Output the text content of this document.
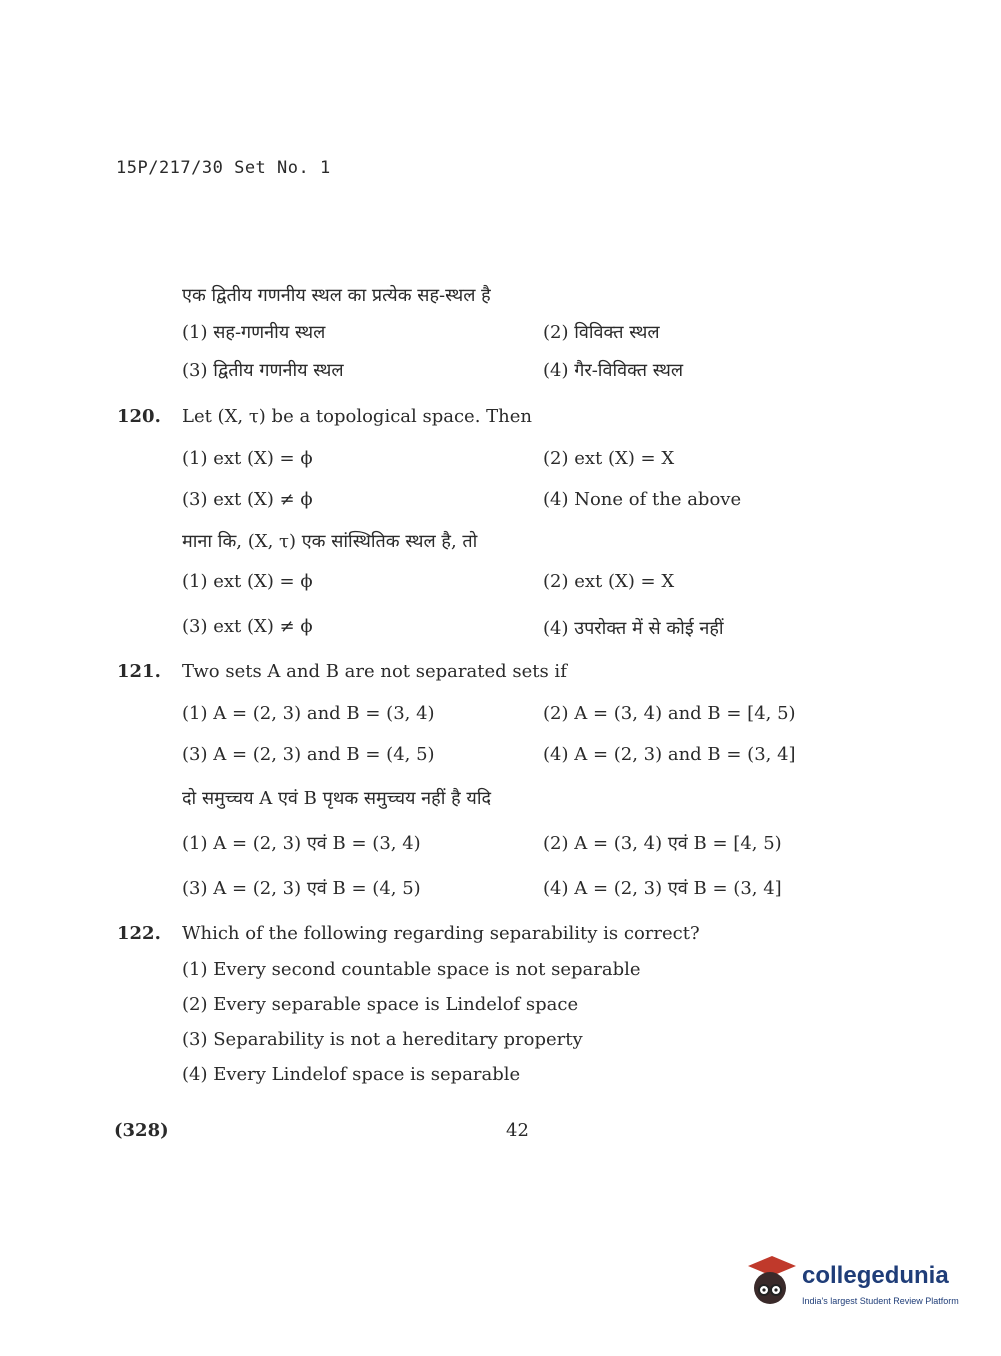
15P/217/30 Set No. 1
एक द्वितीय गणनीय स्थल का प्रत्येक सह-स्थल है
(1) सह-गणनीय स्थल	(2) विविक्त स्थल
(3) द्वितीय गणनीय स्थल	(4) गैर-विविक्त स्थल
120. Let (X, τ) be a topological space. Then
(1) ext (X) = ϕ	(2) ext (X) = X
(3) ext (X) ≠ ϕ	(4) None of the above
माना कि, (X, τ) एक सांस्थितिक स्थल है, तो
(1) ext (X) = ϕ	(2) ext (X) = X
(3) ext (X) ≠ ϕ	(4) उपरोक्त में से कोई नहीं
121. Two sets A and B are not separated sets if
(1) A = (2, 3) and B = (3, 4)	(2) A = (3, 4) and B = [4, 5)
(3) A = (2, 3) and B = (4, 5)	(4) A = (2, 3) and B = (3, 4]
दो समुच्चय A एवं B पृथक समुच्चय नहीं है यदि
(1) A = (2, 3) एवं B = (3, 4)	(2) A = (3, 4) एवं B = [4, 5)
(3) A = (2, 3) एवं B = (4, 5)	(4) A = (2, 3) एवं B = (3, 4]
122. Which of the following regarding separability is correct?
(1) Every second countable space is not separable
(2) Every separable space is Lindelof space
(3) Separability is not a hereditary property
(4) Every Lindelof space is separable
(328)	42
collegedunia
India's largest Student Review Platform
